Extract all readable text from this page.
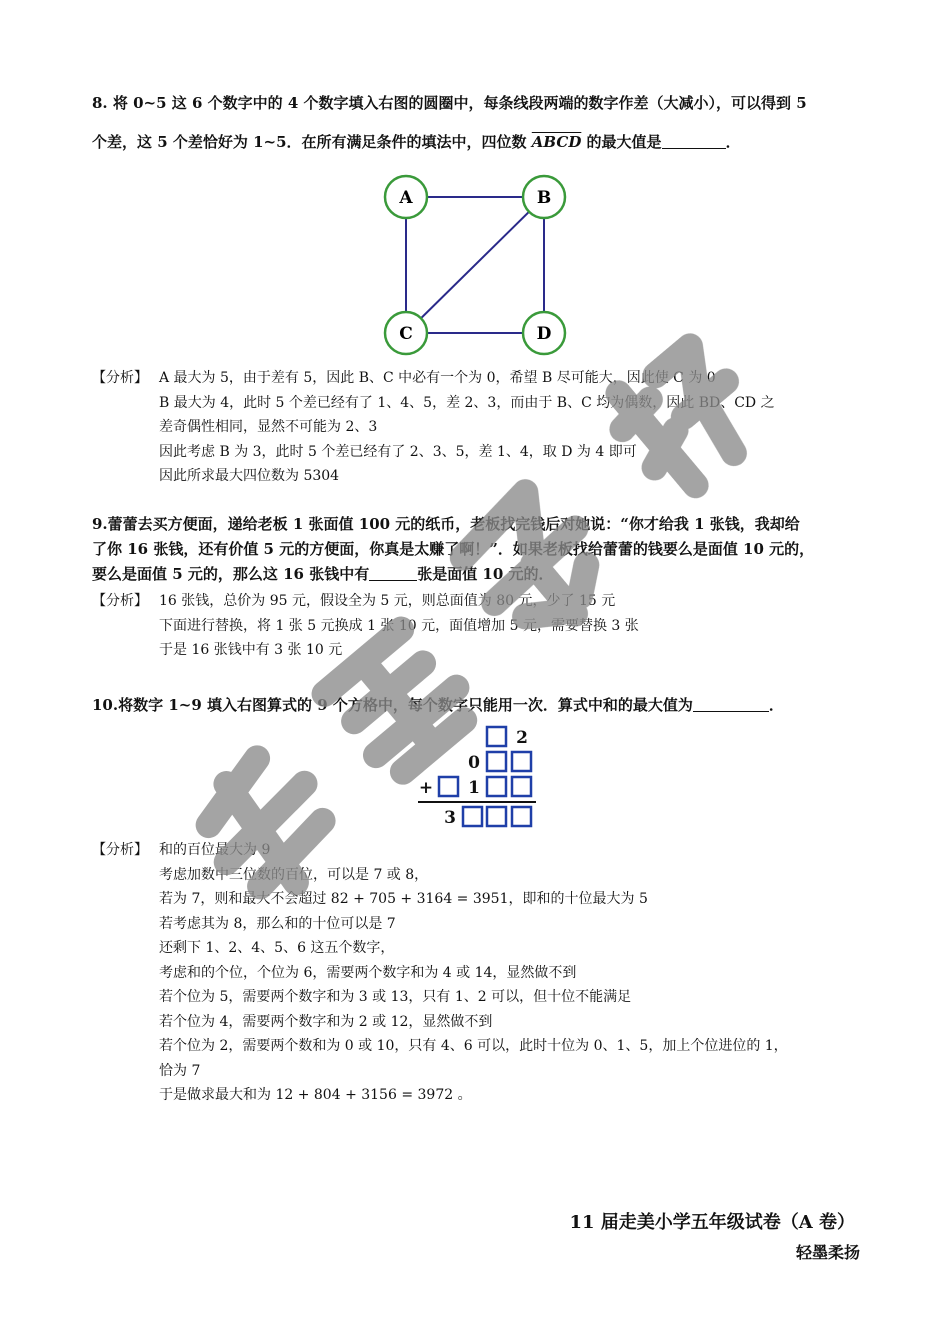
8. 将 0~5 这 6 个数字中的 4 个数字填入右图的圆圈中，每条线段两端的数字作差（大减小），可以得到 5
个差，这 5 个差恰好为 1~5．在所有满足条件的填法中，四位数 ABCD 的最大值是	．
A	B
C	D
【分析】 A 最大为 5，由于差有 5，因此 B、C 中必有一个为 0，希望 B 尽可能大，因此使 C 为 0
B 最大为 4，此时 5 个差已经有了 1、4、5，差 2、3，而由于 B、C 均为偶数，因此 BD、CD 之
差奇偶性相同，显然不可能为 2、3
因此考虑 B 为 3，此时 5 个差已经有了 2、3、5，差 1、4，取 D 为 4 即可
因此所求最大四位数为 5304
9.蕾蕾去买方便面，递给老板 1 张面值 100 元的纸币，老板找完钱后对她说：“你才给我 1 张钱，我却给
了你 16 张钱，还有价值 5 元的方便面，你真是太赚了啊！”．如果老板找给蕾蕾的钱要么是面值 10 元的，
要么是面值 5 元的，那么这 16 张钱中有	张是面值 10 元的．
【分析】 16 张钱，总价为 95 元，假设全为 5 元，则总面值为 80 元，少了 15 元
下面进行替换，将 1 张 5 元换成 1 张 10 元，面值增加 5 元，需要替换 3 张
于是 16 张钱中有 3 张 10 元
10.将数字 1~9 填入右图算式的 9 个方格中，每个数字只能用一次．算式中和的最大值为	．
2
0
+ 1
3
【分析】 和的百位最大为 9
考虑加数中三位数的百位，可以是 7 或 8，
若为 7，则和最大不会超过 82 + 705 + 3164 = 3951，即和的十位最大为 5
若考虑其为 8，那么和的十位可以是 7
还剩下 1、2、4、5、6 这五个数字，
考虑和的个位，个位为 6，需要两个数字和为 4 或 14，显然做不到
若个位为 5，需要两个数字和为 3 或 13，只有 1、2 可以，但十位不能满足
若个位为 4，需要两个数字和为 2 或 12，显然做不到
若个位为 2，需要两个数和为 0 或 10，只有 4、6 可以，此时十位为 0、1、5，加上个位进位的 1，
恰为 7
于是做求最大和为 12 + 804 + 3156 = 3972 。
11 届走美小学五年级试卷（A 卷）
轻墨柔扬
